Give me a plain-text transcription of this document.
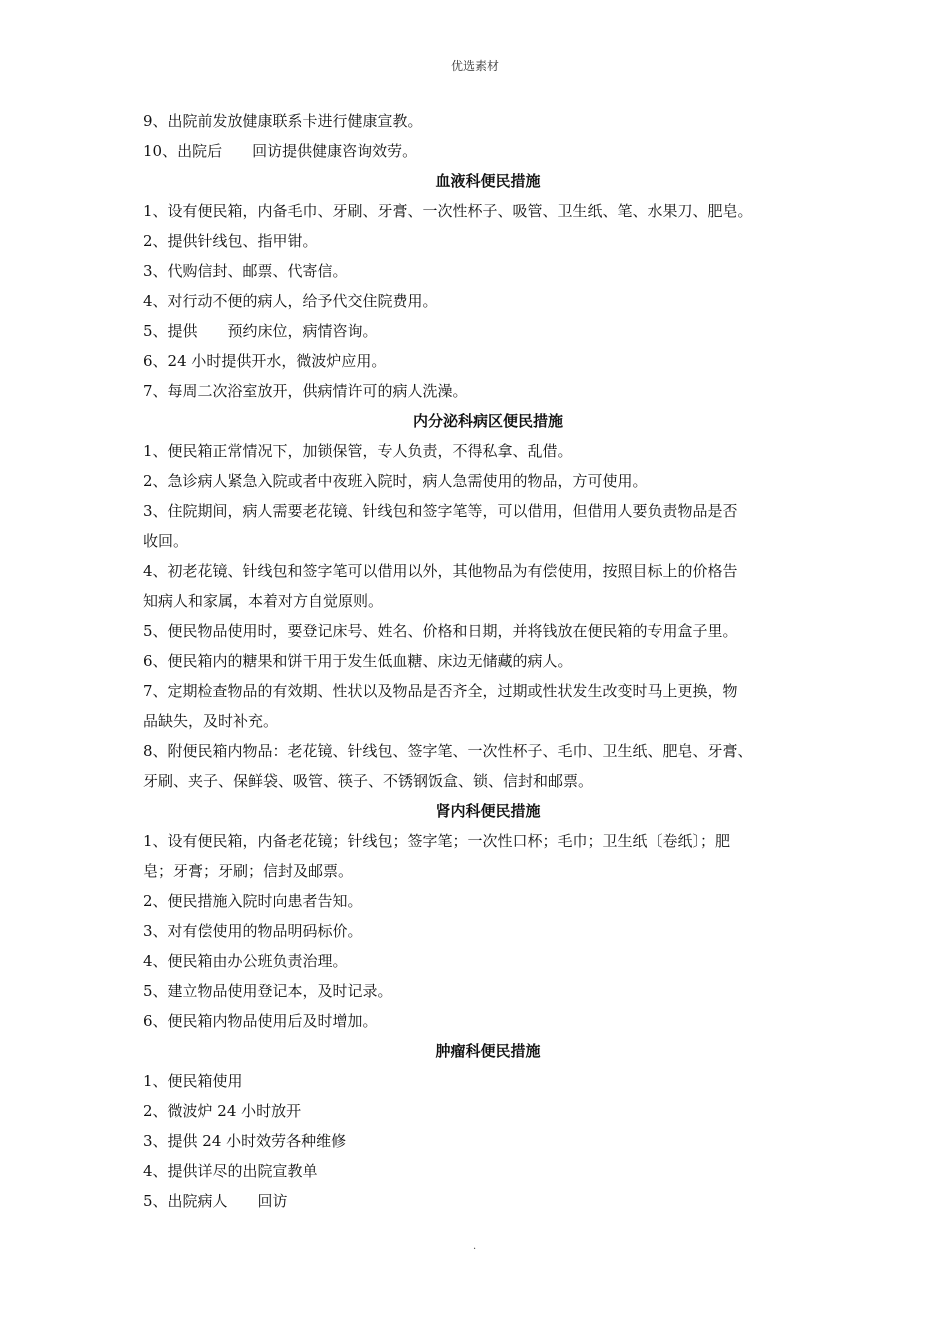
优选素材
9、出院前发放健康联系卡进行健康宣教。
10、出院后　　回访提供健康咨询效劳。
血液科便民措施
1、设有便民箱，内备毛巾、牙刷、牙膏、一次性杯子、吸管、卫生纸、笔、水果刀、肥皂。
2、提供针线包、指甲钳。
3、代购信封、邮票、代寄信。
4、对行动不便的病人，给予代交住院费用。
5、提供　　预约床位，病情咨询。
6、24 小时提供开水，微波炉应用。
7、每周二次浴室放开，供病情许可的病人洗澡。
内分泌科病区便民措施
1、便民箱正常情况下，加锁保管，专人负责，不得私拿、乱借。
2、急诊病人紧急入院或者中夜班入院时，病人急需使用的物品，方可使用。
3、住院期间，病人需要老花镜、针线包和签字笔等，可以借用，但借用人要负责物品是否
收回。
4、初老花镜、针线包和签字笔可以借用以外，其他物品为有偿使用，按照目标上的价格告
知病人和家属，本着对方自觉原则。
5、便民物品使用时，要登记床号、姓名、价格和日期，并将钱放在便民箱的专用盒子里。
6、便民箱内的糖果和饼干用于发生低血糖、床边无储藏的病人。
7、定期检查物品的有效期、性状以及物品是否齐全，过期或性状发生改变时马上更换，物
品缺失，及时补充。
8、附便民箱内物品：老花镜、针线包、签字笔、一次性杯子、毛巾、卫生纸、肥皂、牙膏、
牙刷、夹子、保鲜袋、吸管、筷子、不锈钢饭盒、锁、信封和邮票。
肾内科便民措施
1、设有便民箱，内备老花镜；针线包；签字笔；一次性口杯；毛巾；卫生纸〔卷纸〕；肥
皂；牙膏；牙刷；信封及邮票。
2、便民措施入院时向患者告知。
3、对有偿使用的物品明码标价。
4、便民箱由办公班负责治理。
5、建立物品使用登记本，及时记录。
6、便民箱内物品使用后及时增加。
肿瘤科便民措施
1、便民箱使用
2、微波炉 24 小时放开
3、提供 24 小时效劳各种维修
4、提供详尽的出院宣教单
5、出院病人　　回访
.
